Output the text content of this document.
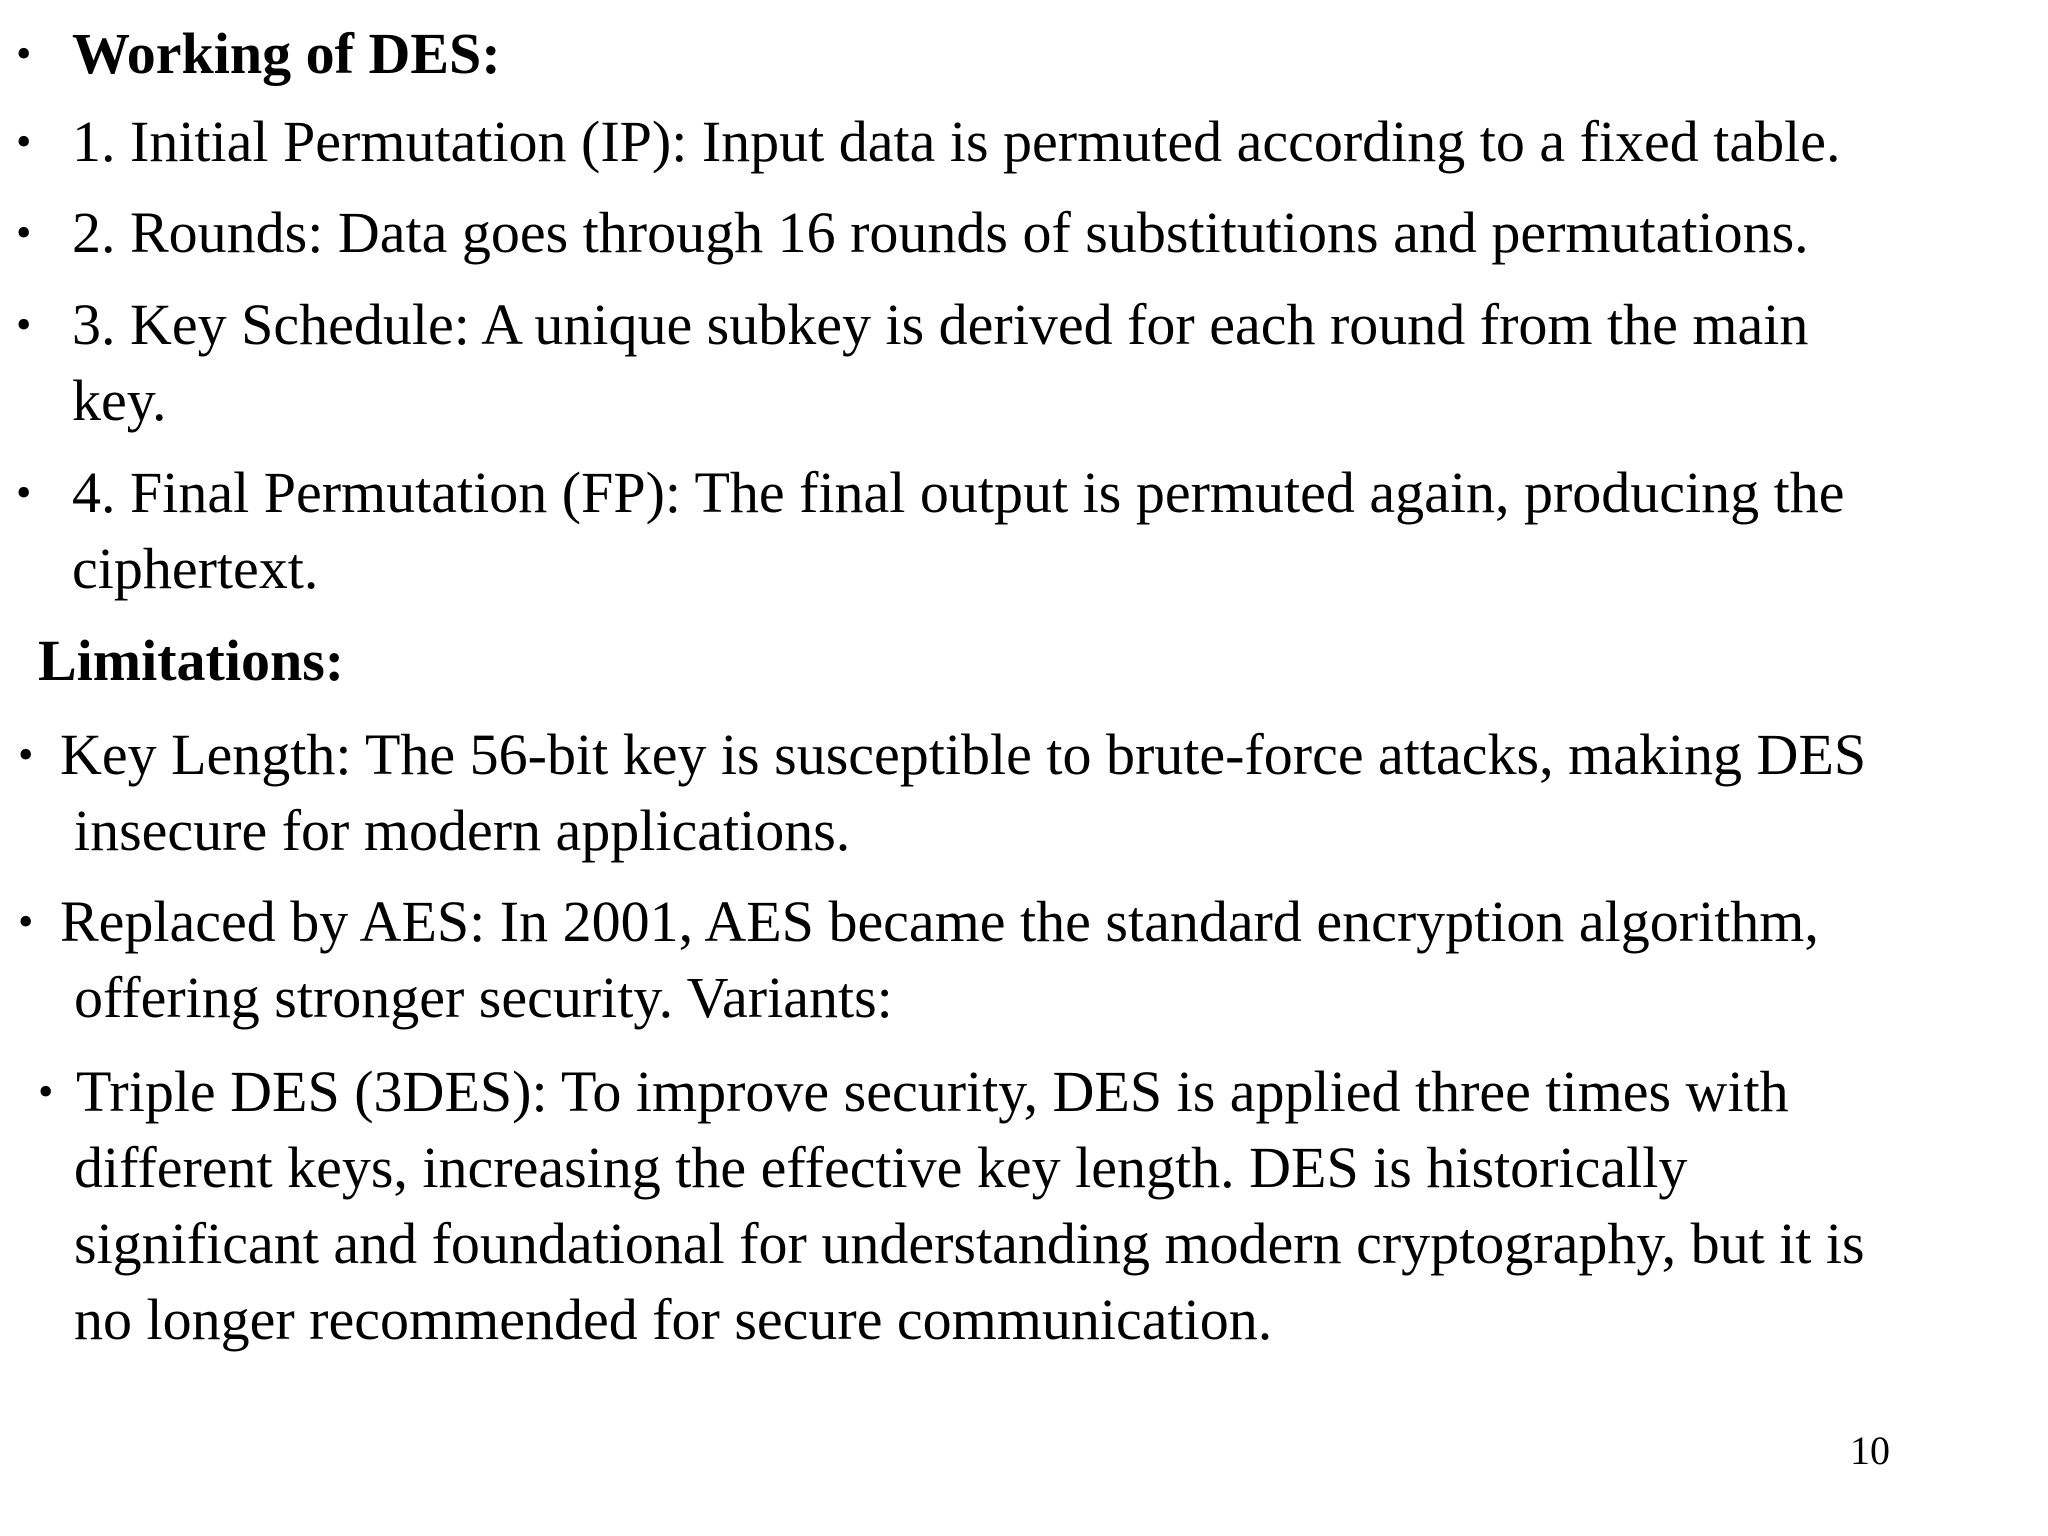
• Working of DES:
• 1. Initial Permutation (IP): Input data is permuted according to a fixed table.
• 2. Rounds: Data goes through 16 rounds of substitutions and permutations.
• 3. Key Schedule: A unique subkey is derived for each round from the main
key.
• 4. Final Permutation (FP): The final output is permuted again, producing the
ciphertext.
Limitations:
• Key Length: The 56-bit key is susceptible to brute-force attacks, making DES
insecure for modern applications.
• Replaced by AES: In 2001, AES became the standard encryption algorithm,
offering stronger security. Variants:
• Triple DES (3DES): To improve security, DES is applied three times with
different keys, increasing the effective key length. DES is historically
significant and foundational for understanding modern cryptography, but it is
no longer recommended for secure communication.
10
